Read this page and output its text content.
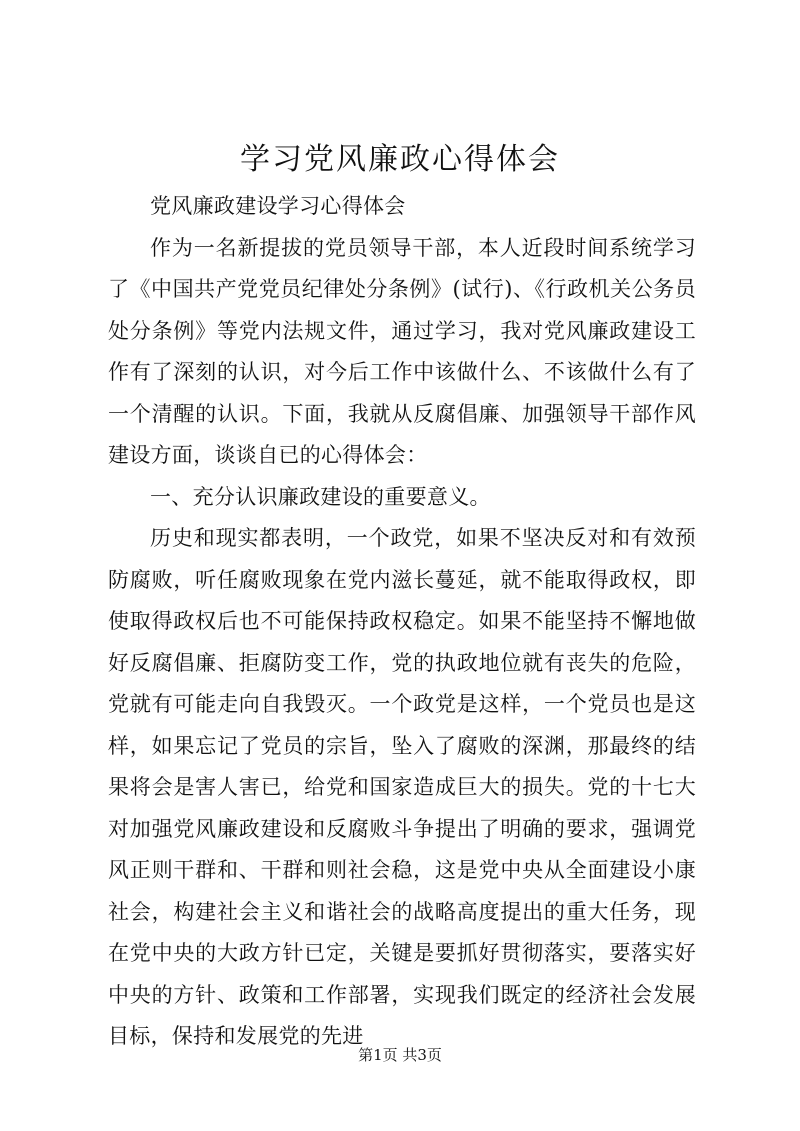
学习党风廉政心得体会

党风廉政建设学习心得体会

作为一名新提拔的党员领导干部，本人近段时间系统学习了《中国共产党党员纪律处分条例》(试行)、《行政机关公务员处分条例》等党内法规文件，通过学习，我对党风廉政建设工作有了深刻的认识，对今后工作中该做什么、不该做什么有了一个清醒的认识。下面，我就从反腐倡廉、加强领导干部作风建设方面，谈谈自已的心得体会：

一、充分认识廉政建设的重要意义。

历史和现实都表明，一个政党，如果不坚决反对和有效预防腐败，听任腐败现象在党内滋长蔓延，就不能取得政权，即使取得政权后也不可能保持政权稳定。如果不能坚持不懈地做好反腐倡廉、拒腐防变工作，党的执政地位就有丧失的危险，党就有可能走向自我毁灭。一个政党是这样，一个党员也是这样，如果忘记了党员的宗旨，坠入了腐败的深渊，那最终的结果将会是害人害已，给党和国家造成巨大的损失。党的十七大对加强党风廉政建设和反腐败斗争提出了明确的要求，强调党风正则干群和、干群和则社会稳，这是党中央从全面建设小康社会，构建社会主义和谐社会的战略高度提出的重大任务，现在党中央的大政方针已定，关键是要抓好贯彻落实，要落实好中央的方针、政策和工作部署，实现我们既定的经济社会发展目标，保持和发展党的先进

第1页 共3页
